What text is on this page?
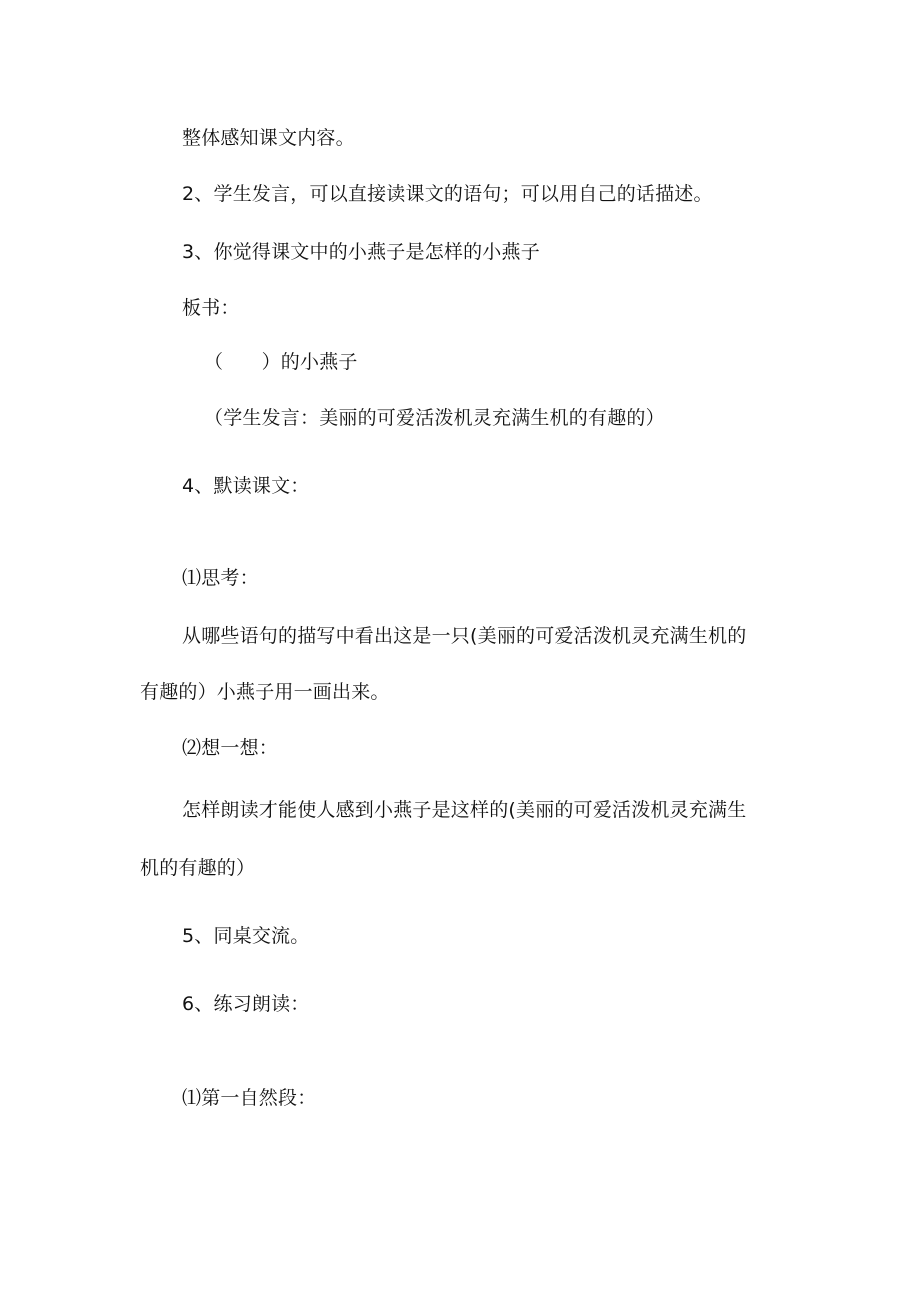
整体感知课文内容。
2、学生发言，可以直接读课文的语句；可以用自己的话描述。
3、你觉得课文中的小燕子是怎样的小燕子
板书：
（　　）的小燕子
（学生发言：美丽的可爱活泼机灵充满生机的有趣的）
4、默读课文：
⑴思考：
从哪些语句的描写中看出这是一只(美丽的可爱活泼机灵充满生机的
有趣的）小燕子用一画出来。
⑵想一想：
怎样朗读才能使人感到小燕子是这样的(美丽的可爱活泼机灵充满生
机的有趣的）
5、同桌交流。
6、练习朗读：
⑴第一自然段：
